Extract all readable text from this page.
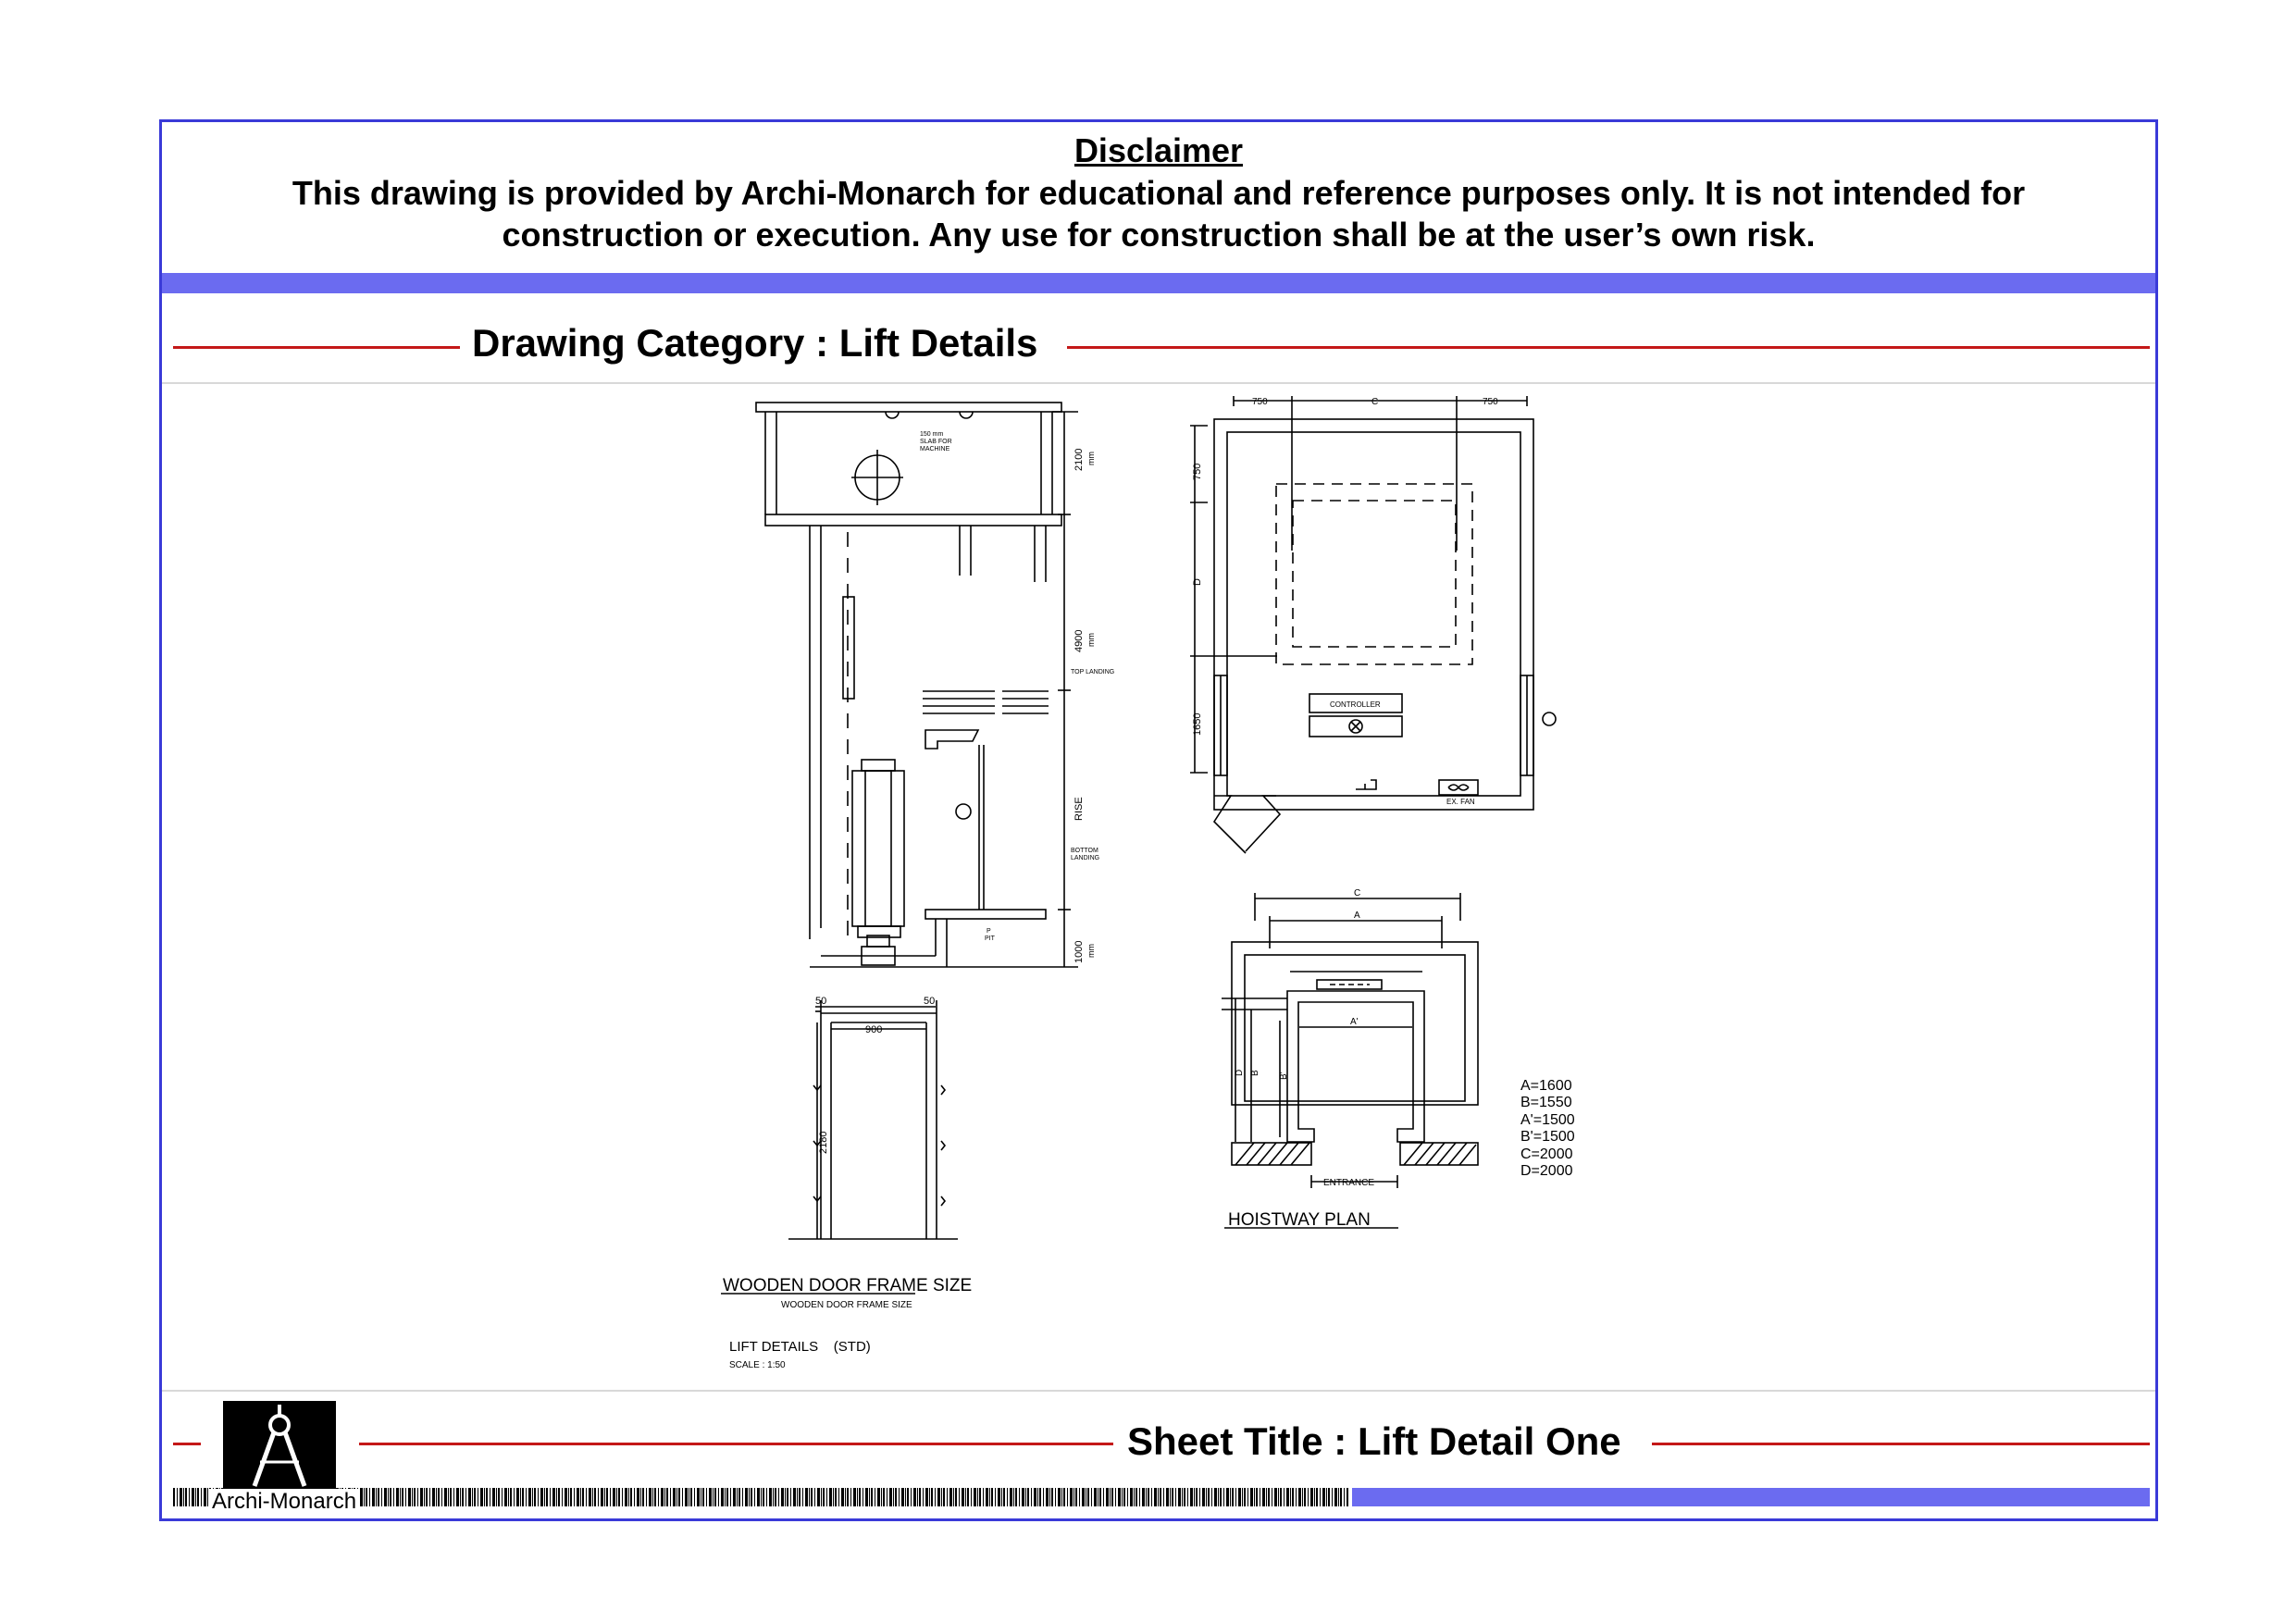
Disclaimer

This drawing is provided by Archi-Monarch for educational and reference purposes only. It is not intended for
construction or execution. Any use for construction shall be at the user’s own risk.

Drawing Category : Lift Details
150 mm
SLAB FOR
MACHINE	2100 mm
4900 mm
RISE
1000 mm
TOP LANDING
BOTTOM
LANDING
P
PIT
750	C	750
750
D
1650
CONTROLLER
EX. FAN
C
A
A'
D B B'
ENTRANCE
HOISTWAY PLAN
A=1600
B=1550
A'=1500
B'=1500
C=2000
D=2000
50	50
900
2180
WOODEN DOOR FRAME SIZE
WOODEN DOOR FRAME SIZE
LIFT DETAILS    (STD)
SCALE : 1:50
Sheet Title : Lift Detail One
Archi-Monarch
